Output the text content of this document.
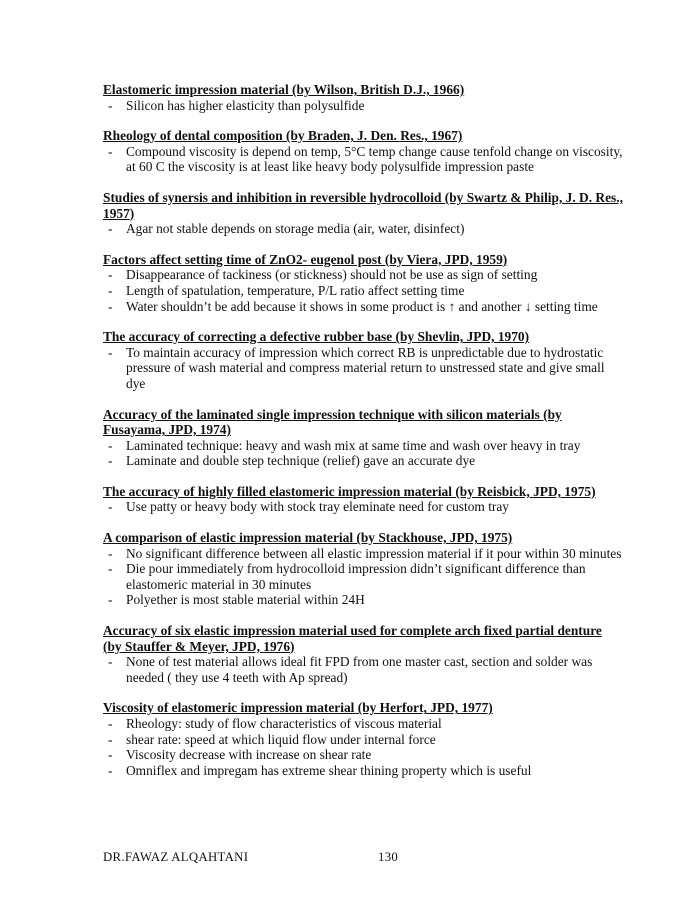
Elastomeric impression material (by Wilson, British D.J., 1966)

- Silicon has higher elasticity than polysulfide

Rheology of dental composition (by Braden, J. Den. Res., 1967)

- Compound viscosity is depend on temp, 5°C temp change cause tenfold change on viscosity, at 60 C the viscosity is at least like heavy body polysulfide impression paste

Studies of synersis and inhibition in reversible hydrocolloid (by Swartz & Philip, J. D. Res., 1957)

- Agar not stable depends on storage media (air, water, disinfect)

Factors affect setting time of ZnO2- eugenol post (by Viera, JPD, 1959)

- Disappearance of tackiness (or stickness) should not be use as sign of setting
- Length of spatulation, temperature, P/L ratio affect setting time
- Water shouldn’t be add because it shows in some product is ↑ and another ↓ setting time

The accuracy of correcting a defective rubber base (by Shevlin, JPD, 1970)

- To maintain accuracy of impression which correct RB is unpredictable due to hydrostatic pressure of wash material and compress material return to unstressed state and give small dye

Accuracy of the laminated single impression technique with silicon materials (by Fusayama, JPD, 1974)

- Laminated technique: heavy and wash mix at same time and wash over heavy in tray
- Laminate and double step technique (relief) gave an accurate dye

The accuracy of highly filled elastomeric impression material (by Reisbick, JPD, 1975)

- Use patty or heavy body with stock tray eleminate need for custom tray

A comparison of elastic impression material (by Stackhouse, JPD, 1975)

- No significant difference between all elastic impression material if it pour within 30 minutes
- Die pour immediately from hydrocolloid impression didn’t significant difference than elastomeric material in 30 minutes
- Polyether is most stable material within 24H

Accuracy of six elastic impression material used for complete arch fixed partial denture (by Stauffer & Meyer, JPD, 1976)

- None of test material allows ideal fit FPD from one master cast, section and solder was needed ( they use 4 teeth with Ap spread)

Viscosity of elastomeric impression material (by Herfort, JPD, 1977)

- Rheology: study of flow characteristics of viscous material
- shear rate: speed at which liquid flow under internal force
- Viscosity decrease with increase on shear rate
- Omniflex and impregam has extreme shear thining property which is useful
DR.FAWAZ ALQAHTANI	130
